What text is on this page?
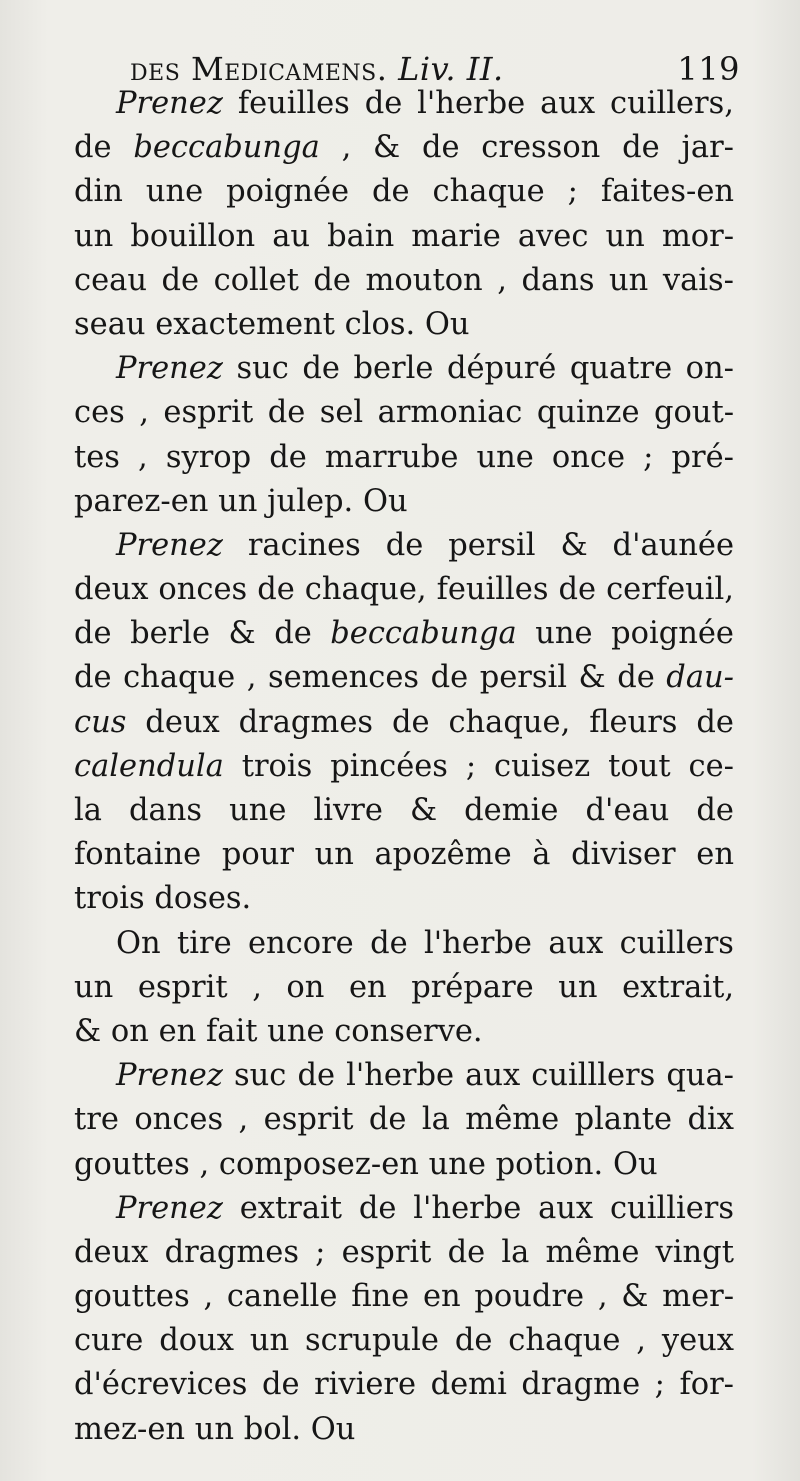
des Medicamens. Liv. II.	119
Prenez feuilles de l'herbe aux cuillers,
de beccabunga , & de cresson de jar-
din une poignée de chaque ; faites-en
un bouillon au bain marie avec un mor-
ceau de collet de mouton , dans un vais-
seau exactement clos. Ou
Prenez suc de berle dépuré quatre on-
ces , esprit de sel armoniac quinze gout-
tes , syrop de marrube une once ; pré-
parez-en un julep. Ou
Prenez racines de persil & d'aunée
deux onces de chaque, feuilles de cerfeuil,
de berle & de beccabunga une poignée
de chaque , semences de persil & de dau-
cus deux dragmes de chaque, fleurs de
calendula trois pincées ; cuisez tout ce-
la dans une livre & demie d'eau de
fontaine pour un apozême à diviser en
trois doses.
On tire encore de l'herbe aux cuillers
un esprit , on en prépare un extrait,
& on en fait une conserve.
Prenez suc de l'herbe aux cuilllers qua-
tre onces , esprit de la même plante dix
gouttes , composez-en une potion. Ou
Prenez extrait de l'herbe aux cuilliers
deux dragmes ; esprit de la même vingt
gouttes , canelle fine en poudre , & mer-
cure doux un scrupule de chaque , yeux
d'écrevices de riviere demi dragme ; for-
mez-en un bol. Ou
